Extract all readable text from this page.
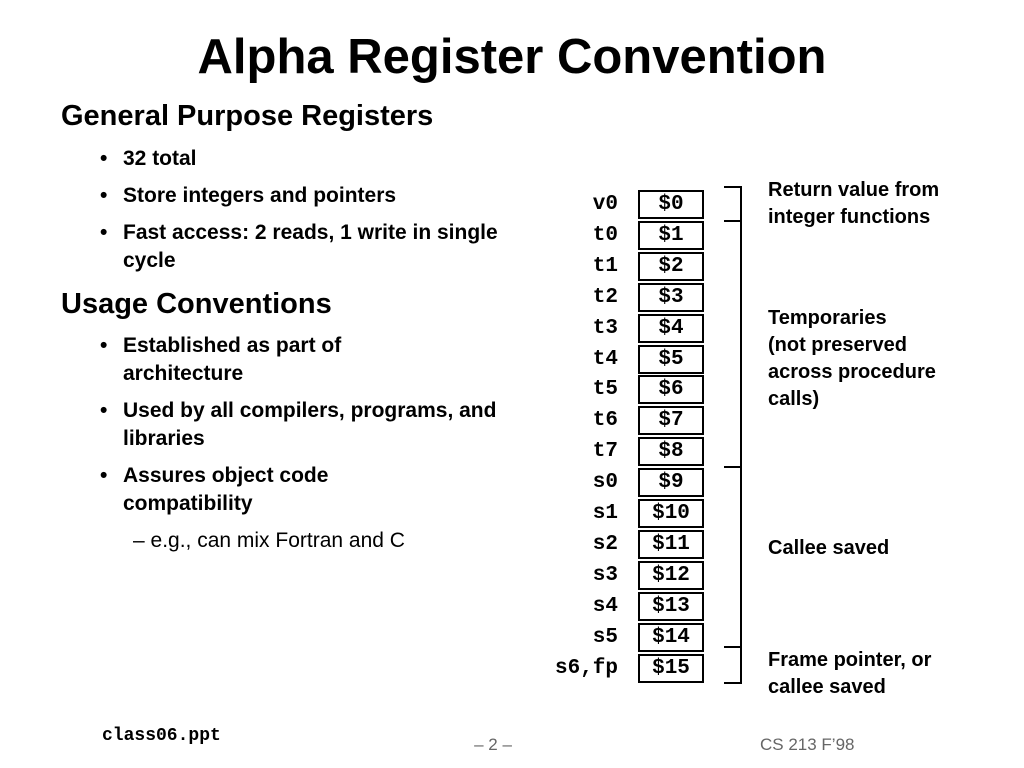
Alpha Register Convention
General Purpose Registers
• 32 total
• Store integers and pointers
• Fast access: 2 reads, 1 write in single cycle
Usage Conventions
• Established as part of architecture
• Used by all compilers, programs, and libraries
• Assures object code compatibility
– e.g., can mix Fortran and C
v0	$0
t0	$1
t1	$2
t2	$3
t3	$4
t4	$5
t5	$6
t6	$7
t7	$8
s0	$9
s1	$10
s2	$11
s3	$12
s4	$13
s5	$14
s6,fp	$15
Return value from
integer functions
Temporaries
(not preserved
across procedure
calls)
Callee saved
Frame pointer, or
callee saved
class06.ppt	– 2 –	CS 213 F’98
